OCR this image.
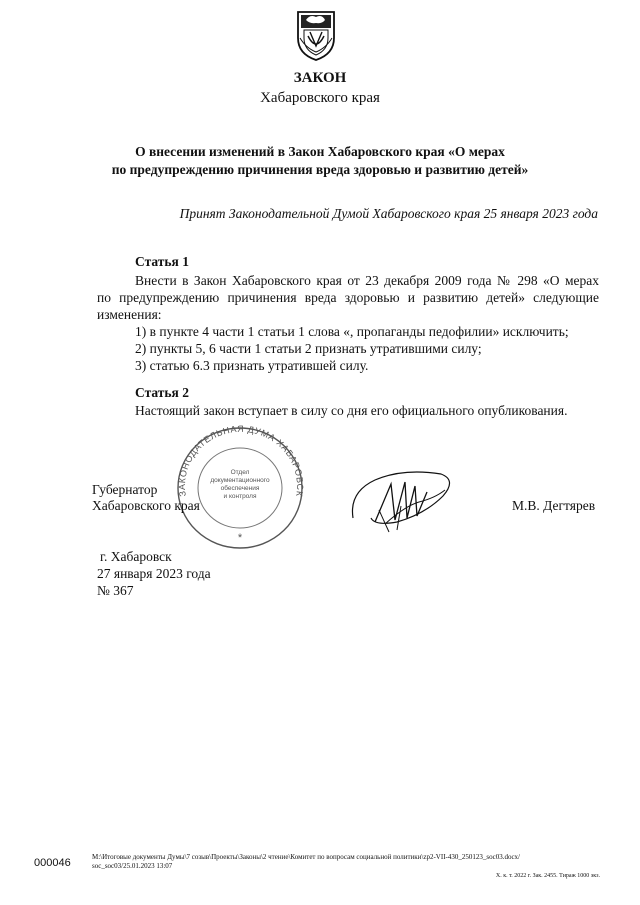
ЗАКОН
Хабаровского края
О внесении изменений в Закон Хабаровского края «О мерах
по предупреждению причинения вреда здоровью и развитию детей»
Принят Законодательной Думой Хабаровского края 25 января 2023 года
Статья 1
Внести в Закон Хабаровского края от 23 декабря 2009 года № 298 «О мерах
по предупреждению причинения вреда здоровью и развитию детей» следующие
изменения:
1) в пункте 4 части 1 статьи 1 слова «, пропаганды педофилии» исключить;
2) пункты 5, 6 части 1 статьи 2 признать утратившими силу;
3) статью 6.3 признать утратившей силу.
Статья 2
Настоящий закон вступает в силу со дня его официального опубликования.
ЗАКОНОДАТЕЛЬНАЯ ДУМА ХАБАРОВСК
Отдел
документационного
обеспечения
и контроля
*
Губернатор
Хабаровского края	М.В. Дегтярев
г. Хабаровск
27 января 2023 года
№ 367
000046	M:\Итоговые документы Думы\7 созыв\Проекты\Законы\2 чтение\Комитет по вопросам социальной политики\zp2-VII-430_250123_soc03.docx/
soc_soc03/25.01.2023 13:07
Х. к. т. 2022 г. Зак. 2455. Тираж 1000 экз.
